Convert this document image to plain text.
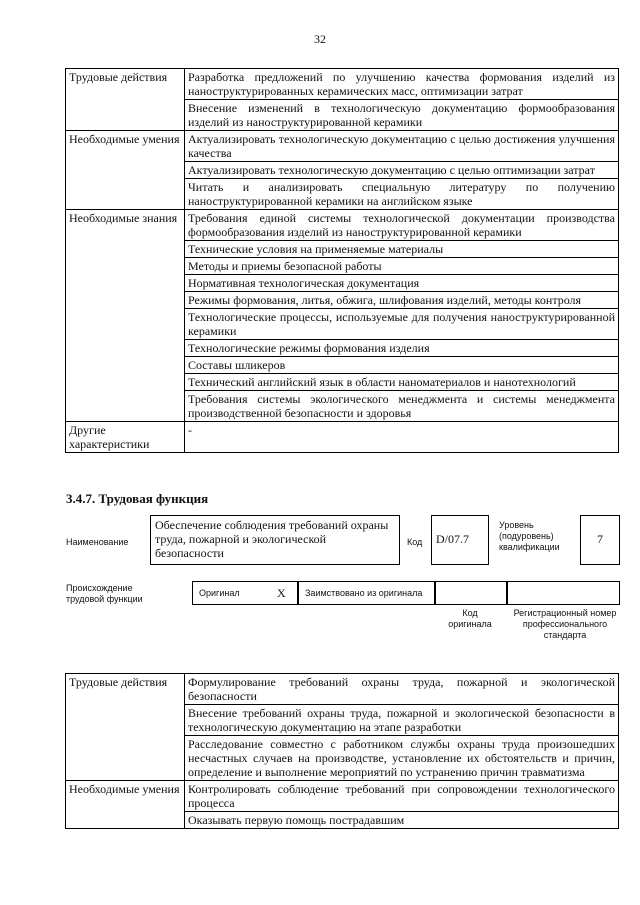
32
Трудовые действия	Разработка предложений по улучшению качества формования изделий из наноструктурированных керамических масс, оптимизации затрат
	Внесение изменений в технологическую документацию формообразования изделий из наноструктурированной керамики
Необходимые умения	Актуализировать технологическую документацию с целью достижения улучшения качества
	Актуализировать технологическую документацию с целью оптимизации затрат
	Читать и анализировать специальную литературу по получению наноструктурированной керамики на английском языке
Необходимые знания	Требования единой системы технологической документации производства формообразования изделий из наноструктурированной керамики
	Технические условия на применяемые материалы
	Методы и приемы безопасной работы
	Нормативная технологическая документация
	Режимы формования, литья, обжига, шлифования изделий, методы контроля
	Технологические процессы, используемые для получения наноструктурированной керамики
	Технологические режимы формования изделия
	Составы шликеров
	Технический английский язык в области наноматериалов и нанотехнологий
	Требования системы экологического менеджмента и системы менеджмента производственной безопасности и здоровья
Другие характеристики	-
3.4.7. Трудовая функция
Наименование
Обеспечение соблюдения требований охраны труда, пожарной и экологической безопасности
Код	D/07.7
Уровень (подуровень) квалификации
7
Происхождение трудовой функции
Оригинал	X Заимствовано из оригинала
Код оригинала
Регистрационный номер профессионального стандарта
Трудовые действия	Формулирование требований охраны труда, пожарной и экологической безопасности
	Внесение требований охраны труда, пожарной и экологической безопасности в технологическую документацию на этапе разработки
	Расследование совместно с работником службы охраны труда произошедших несчастных случаев на производстве, установление их обстоятельств и причин, определение и выполнение мероприятий по устранению причин травматизма
Необходимые умения	Контролировать соблюдение требований при сопровождении технологического процесса
	Оказывать первую помощь пострадавшим
